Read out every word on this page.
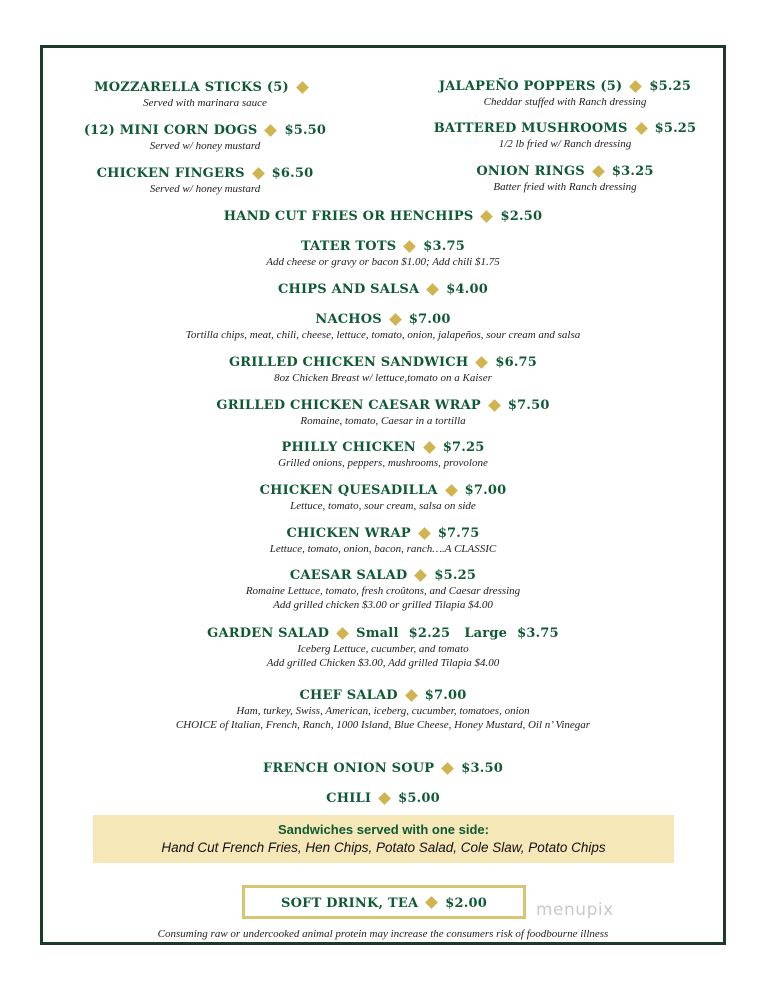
MOZZARELLA STICKS (5)
Served with marinara sauce
JALAPEÑO POPPERS (5) $5.25
Cheddar stuffed with Ranch dressing
(12) MINI CORN DOGS $5.50
Served w/ honey mustard
BATTERED MUSHROOMS $5.25
1/2 lb fried w/ Ranch dressing
CHICKEN FINGERS $6.50
Served w/ honey mustard
ONION RINGS $3.25
Batter fried with Ranch dressing
HAND CUT FRIES OR HENCHIPS $2.50
TATER TOTS $3.75
Add cheese or gravy or bacon $1.00; Add chili $1.75
CHIPS AND SALSA $4.00
NACHOS $7.00
Tortilla chips, meat, chili, cheese, lettuce, tomato, onion, jalapeños, sour cream and salsa
GRILLED CHICKEN SANDWICH $6.75
8oz Chicken Breast w/ lettuce,tomato on a Kaiser
GRILLED CHICKEN CAESAR WRAP $7.50
Romaine, tomato, Caesar in a tortilla
PHILLY CHICKEN $7.25
Grilled onions, peppers, mushrooms, provolone
CHICKEN QUESADILLA $7.00
Lettuce, tomato, sour cream, salsa on side
CHICKEN WRAP $7.75
Lettuce, tomato, onion, bacon, ranch….A CLASSIC
CAESAR SALAD $5.25
Romaine Lettuce, tomato, fresh croûtons, and Caesar dressing
Add grilled chicken $3.00 or grilled Tilapia $4.00
GARDEN SALAD Small $2.25 Large $3.75
Iceberg Lettuce, cucumber, and tomato
Add grilled Chicken $3.00, Add grilled Tilapia $4.00
CHEF SALAD $7.00
Ham, turkey, Swiss, American, iceberg, cucumber, tomatoes, onion
CHOICE of Italian, French, Ranch, 1000 Island, Blue Cheese, Honey Mustard, Oil n’ Vinegar
FRENCH ONION SOUP $3.50
CHILI $5.00
Sandwiches served with one side:
Hand Cut French Fries, Hen Chips, Potato Salad, Cole Slaw, Potato Chips
SOFT DRINK, TEA $2.00	menupix
Consuming raw or undercooked animal protein may increase the consumers risk of foodbourne illness
